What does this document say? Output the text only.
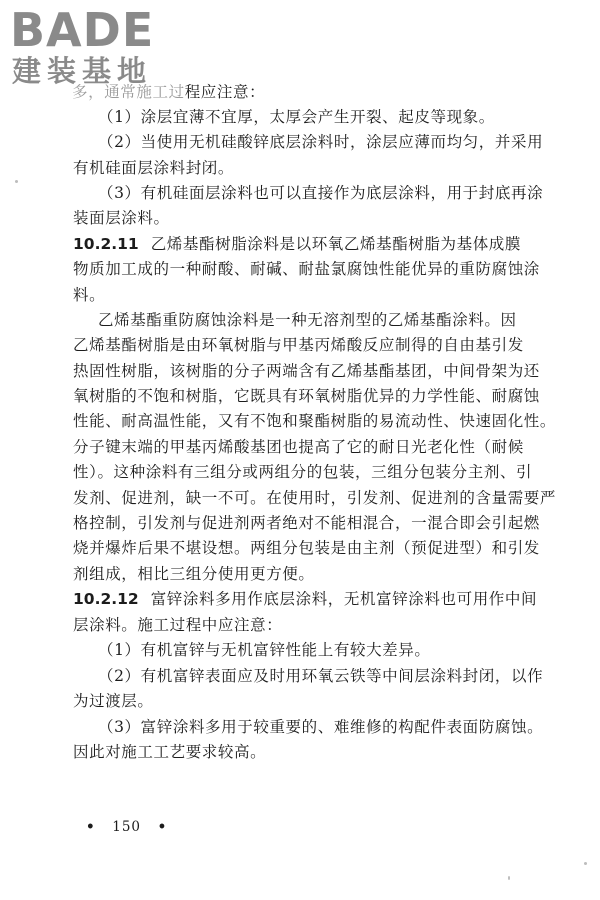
BADE
建装基地
多，通常施工过程应注意：
（1）涂层宜薄不宜厚，太厚会产生开裂、起皮等现象。
（2）当使用无机硅酸锌底层涂料时，涂层应薄而均匀，并采用
有机硅面层涂料封闭。
（3）有机硅面层涂料也可以直接作为底层涂料，用于封底再涂
装面层涂料。
10.2.11 乙烯基酯树脂涂料是以环氧乙烯基酯树脂为基体成膜
物质加工成的一种耐酸、耐碱、耐盐氯腐蚀性能优异的重防腐蚀涂
料。
乙烯基酯重防腐蚀涂料是一种无溶剂型的乙烯基酯涂料。因
乙烯基酯树脂是由环氧树脂与甲基丙烯酸反应制得的自由基引发
热固性树脂，该树脂的分子两端含有乙烯基酯基团，中间骨架为还
氧树脂的不饱和树脂，它既具有环氧树脂优异的力学性能、耐腐蚀
性能、耐高温性能，又有不饱和聚酯树脂的易流动性、快速固化性。
分子键末端的甲基丙烯酸基团也提高了它的耐日光老化性（耐候
性）。这种涂料有三组分或两组分的包装，三组分包装分主剂、引
发剂、促进剂，缺一不可。在使用时，引发剂、促进剂的含量需要严
格控制，引发剂与促进剂两者绝对不能相混合，一混合即会引起燃
烧并爆炸后果不堪设想。两组分包装是由主剂（预促进型）和引发
剂组成，相比三组分使用更方便。
10.2.12 富锌涂料多用作底层涂料，无机富锌涂料也可用作中间
层涂料。施工过程中应注意：
（1）有机富锌与无机富锌性能上有较大差异。
（2）有机富锌表面应及时用环氧云铁等中间层涂料封闭，以作
为过渡层。
（3）富锌涂料多用于较重要的、难维修的构配件表面防腐蚀。
因此对施工工艺要求较高。
• 150 •
